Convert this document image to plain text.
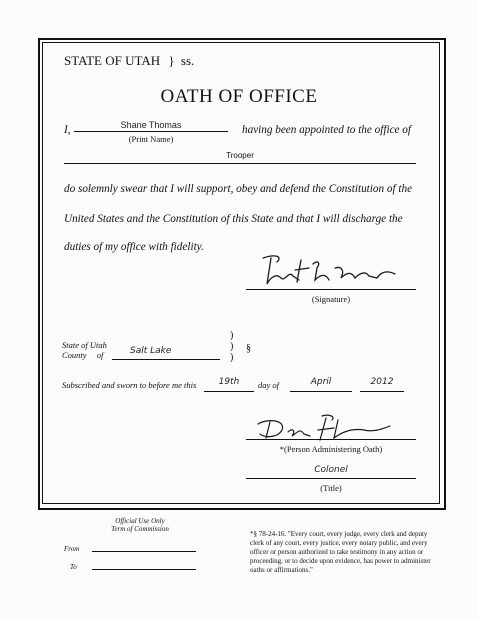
STATE OF UTAH } ss.
OATH OF OFFICE
I,	Shane Thomas
(Print Name)
having been appointed to the office of
Trooper
do solemnly swear that I will support, obey and defend the Constitution of the
United States and the Constitution of this State and that I will discharge the
duties of my office with fidelity.
(Signature)
State of Utah
County of	Salt Lake
)
)
)
§
Subscribed and sworn to before me this	19th	day of	April	2012
*(Person Administering Oath)
Colonel
(Title)
Official Use Only
Term of Commission
From
To
*§ 78-24-16. "Every court, every judge, every clerk and deputy clerk of any court, every justice, every notary public, and every officer or person authorized to take testimony in any action or proceeding, or to decide upon evidence, has power to administer oaths or affirmations."
